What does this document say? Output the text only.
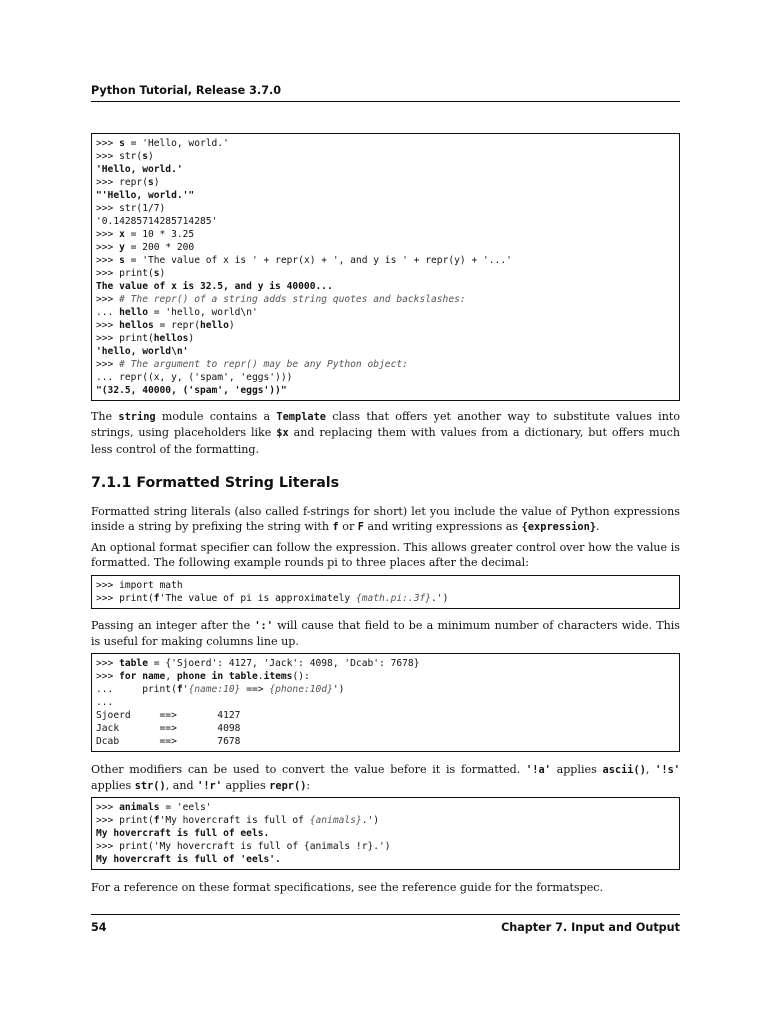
Python Tutorial, Release 3.7.0
>>> s = 'Hello, world.'
>>> str(s)
'Hello, world.'
>>> repr(s)
"'Hello, world.'"
>>> str(1/7)
'0.14285714285714285'
>>> x = 10 * 3.25
>>> y = 200 * 200
>>> s = 'The value of x is ' + repr(x) + ', and y is ' + repr(y) + '...'
>>> print(s)
The value of x is 32.5, and y is 40000...
>>> # The repr() of a string adds string quotes and backslashes:
... hello = 'hello, world\n'
>>> hellos = repr(hello)
>>> print(hellos)
'hello, world\n'
>>> # The argument to repr() may be any Python object:
... repr((x, y, ('spam', 'eggs')))
"(32.5, 40000, ('spam', 'eggs'))"
The string module contains a Template class that offers yet another way to substitute values into strings, using placeholders like $x and replacing them with values from a dictionary, but offers much less control of the formatting.
7.1.1 Formatted String Literals
Formatted string literals (also called f-strings for short) let you include the value of Python expressions inside a string by prefixing the string with f or F and writing expressions as {expression}.
An optional format specifier can follow the expression. This allows greater control over how the value is formatted. The following example rounds pi to three places after the decimal:
>>> import math
>>> print(f'The value of pi is approximately {math.pi:.3f}.')
Passing an integer after the ':' will cause that field to be a minimum number of characters wide. This is useful for making columns line up.
>>> table = {'Sjoerd': 4127, 'Jack': 4098, 'Dcab': 7678}
>>> for name, phone in table.items():
...     print(f'{name:10} ==> {phone:10d}')
...
Sjoerd     ==>       4127
Jack       ==>       4098
Dcab       ==>       7678
Other modifiers can be used to convert the value before it is formatted. '!a' applies ascii(), '!s' applies str(), and '!r' applies repr():
>>> animals = 'eels'
>>> print(f'My hovercraft is full of {animals}.')
My hovercraft is full of eels.
>>> print('My hovercraft is full of {animals !r}.')
My hovercraft is full of 'eels'.
For a reference on these format specifications, see the reference guide for the formatspec.
54	Chapter 7. Input and Output
